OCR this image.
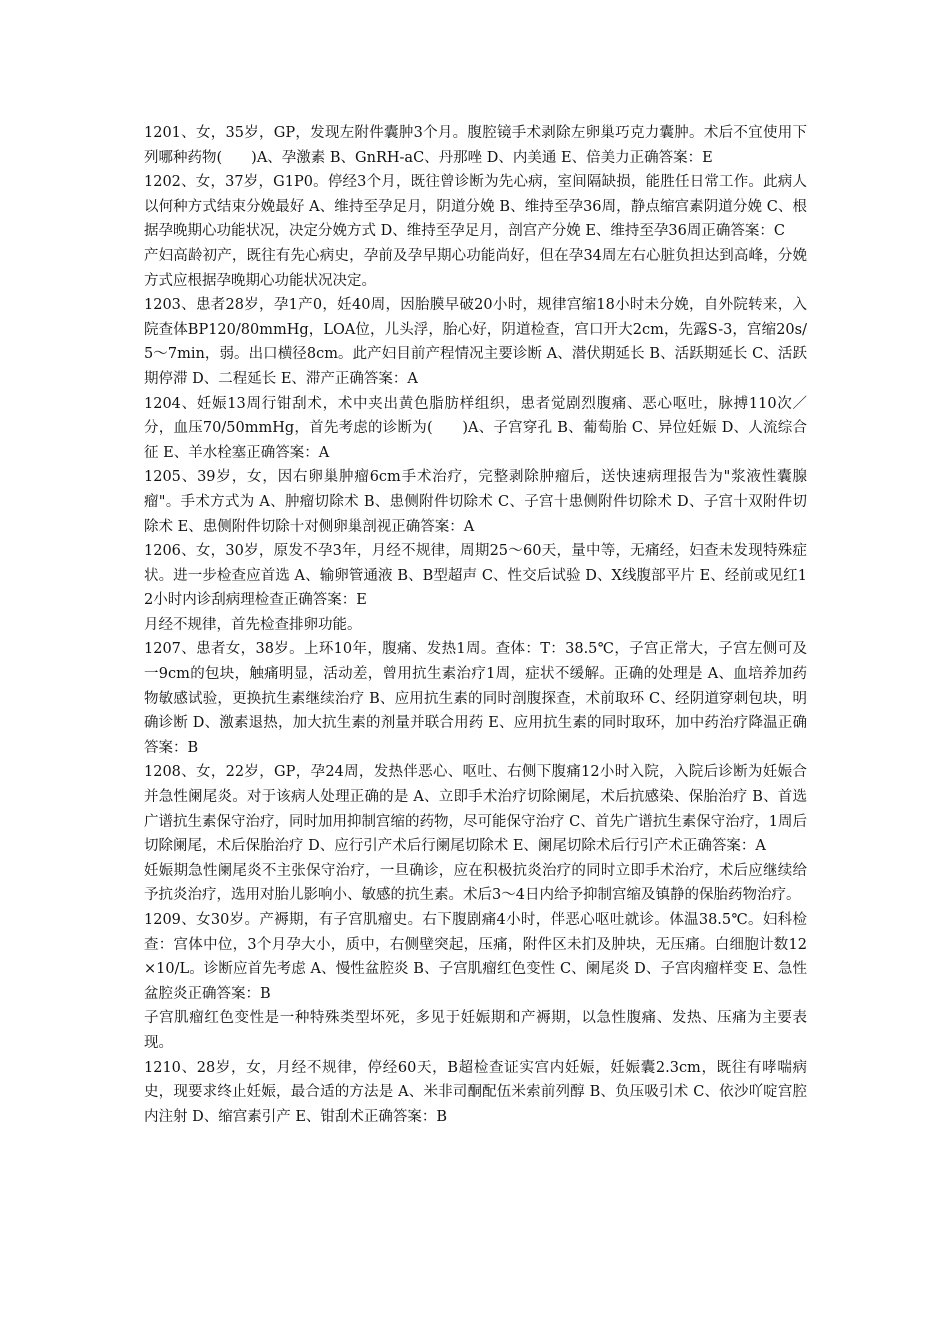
1201、女，35岁，GP，发现左附件囊肿3个月。腹腔镜手术剥除左卵巢巧克力囊肿。术后不宜使用下列哪种药物(　　)A、孕激素 B、GnRH-aC、丹那唑 D、内美通 E、倍美力正确答案：E

1202、女，37岁，G1P0。停经3个月，既往曾诊断为先心病，室间隔缺损，能胜任日常工作。此病人以何种方式结束分娩最好 A、维持至孕足月，阴道分娩 B、维持至孕36周，静点缩宫素阴道分娩 C、根据孕晚期心功能状况，决定分娩方式 D、维持至孕足月，剖宫产分娩 E、维持至孕36周正确答案：C

产妇高龄初产，既往有先心病史，孕前及孕早期心功能尚好，但在孕34周左右心脏负担达到高峰，分娩方式应根据孕晚期心功能状况决定。

1203、患者28岁，孕1产0，妊40周，因胎膜早破20小时，规律宫缩18小时未分娩，自外院转来，入院查体BP120/80mmHg，LOA位，儿头浮，胎心好，阴道检查，宫口开大2cm，先露S-3，宫缩20s/5～7min，弱。出口横径8cm。此产妇目前产程情况主要诊断 A、潜伏期延长 B、活跃期延长 C、活跃期停滞 D、二程延长 E、滞产正确答案：A

1204、妊娠13周行钳刮术，术中夹出黄色脂肪样组织，患者觉剧烈腹痛、恶心呕吐，脉搏110次／分，血压70/50mmHg，首先考虑的诊断为(　　)A、子宫穿孔 B、葡萄胎 C、异位妊娠 D、人流综合征 E、羊水栓塞正确答案：A

1205、39岁，女，因右卵巢肿瘤6cm手术治疗，完整剥除肿瘤后，送快速病理报告为"浆液性囊腺瘤"。手术方式为 A、肿瘤切除术 B、患侧附件切除术 C、子宫十患侧附件切除术 D、子宫十双附件切除术 E、患侧附件切除十对侧卵巢剖视正确答案：A

1206、女，30岁，原发不孕3年，月经不规律，周期25～60天，量中等，无痛经，妇查未发现特殊症状。进一步检查应首选 A、输卵管通液 B、B型超声 C、性交后试验 D、X线腹部平片 E、经前或见红12小时内诊刮病理检查正确答案：E

月经不规律，首先检查排卵功能。

1207、患者女，38岁。上环10年，腹痛、发热1周。查体：T：38.5℃，子宫正常大，子宫左侧可及一9cm的包块，触痛明显，活动差，曾用抗生素治疗1周，症状不缓解。正确的处理是 A、血培养加药物敏感试验，更换抗生素继续治疗 B、应用抗生素的同时剖腹探查，术前取环 C、经阴道穿刺包块，明确诊断 D、激素退热，加大抗生素的剂量并联合用药 E、应用抗生素的同时取环，加中药治疗降温正确答案：B

1208、女，22岁，GP，孕24周，发热伴恶心、呕吐、右侧下腹痛12小时入院，入院后诊断为妊娠合并急性阑尾炎。对于该病人处理正确的是 A、立即手术治疗切除阑尾，术后抗感染、保胎治疗 B、首选广谱抗生素保守治疗，同时加用抑制宫缩的药物，尽可能保守治疗 C、首先广谱抗生素保守治疗，1周后切除阑尾，术后保胎治疗 D、应行引产术后行阑尾切除术 E、阑尾切除术后行引产术正确答案：A

妊娠期急性阑尾炎不主张保守治疗，一旦确诊，应在积极抗炎治疗的同时立即手术治疗，术后应继续给予抗炎治疗，选用对胎儿影响小、敏感的抗生素。术后3～4日内给予抑制宫缩及镇静的保胎药物治疗。

1209、女30岁。产褥期，有子宫肌瘤史。右下腹剧痛4小时，伴恶心呕吐就诊。体温38.5℃。妇科检查：宫体中位，3个月孕大小，质中，右侧壁突起，压痛，附件区未扪及肿块，无压痛。白细胞计数12×10/L。诊断应首先考虑 A、慢性盆腔炎 B、子宫肌瘤红色变性 C、阑尾炎 D、子宫肉瘤样变 E、急性盆腔炎正确答案：B

子宫肌瘤红色变性是一种特殊类型坏死，多见于妊娠期和产褥期，以急性腹痛、发热、压痛为主要表现。

1210、28岁，女，月经不规律，停经60天，B超检查证实宫内妊娠，妊娠囊2.3cm，既往有哮喘病史，现要求终止妊娠，最合适的方法是 A、米非司酮配伍米索前列醇 B、负压吸引术 C、依沙吖啶宫腔内注射 D、缩宫素引产 E、钳刮术正确答案：B
